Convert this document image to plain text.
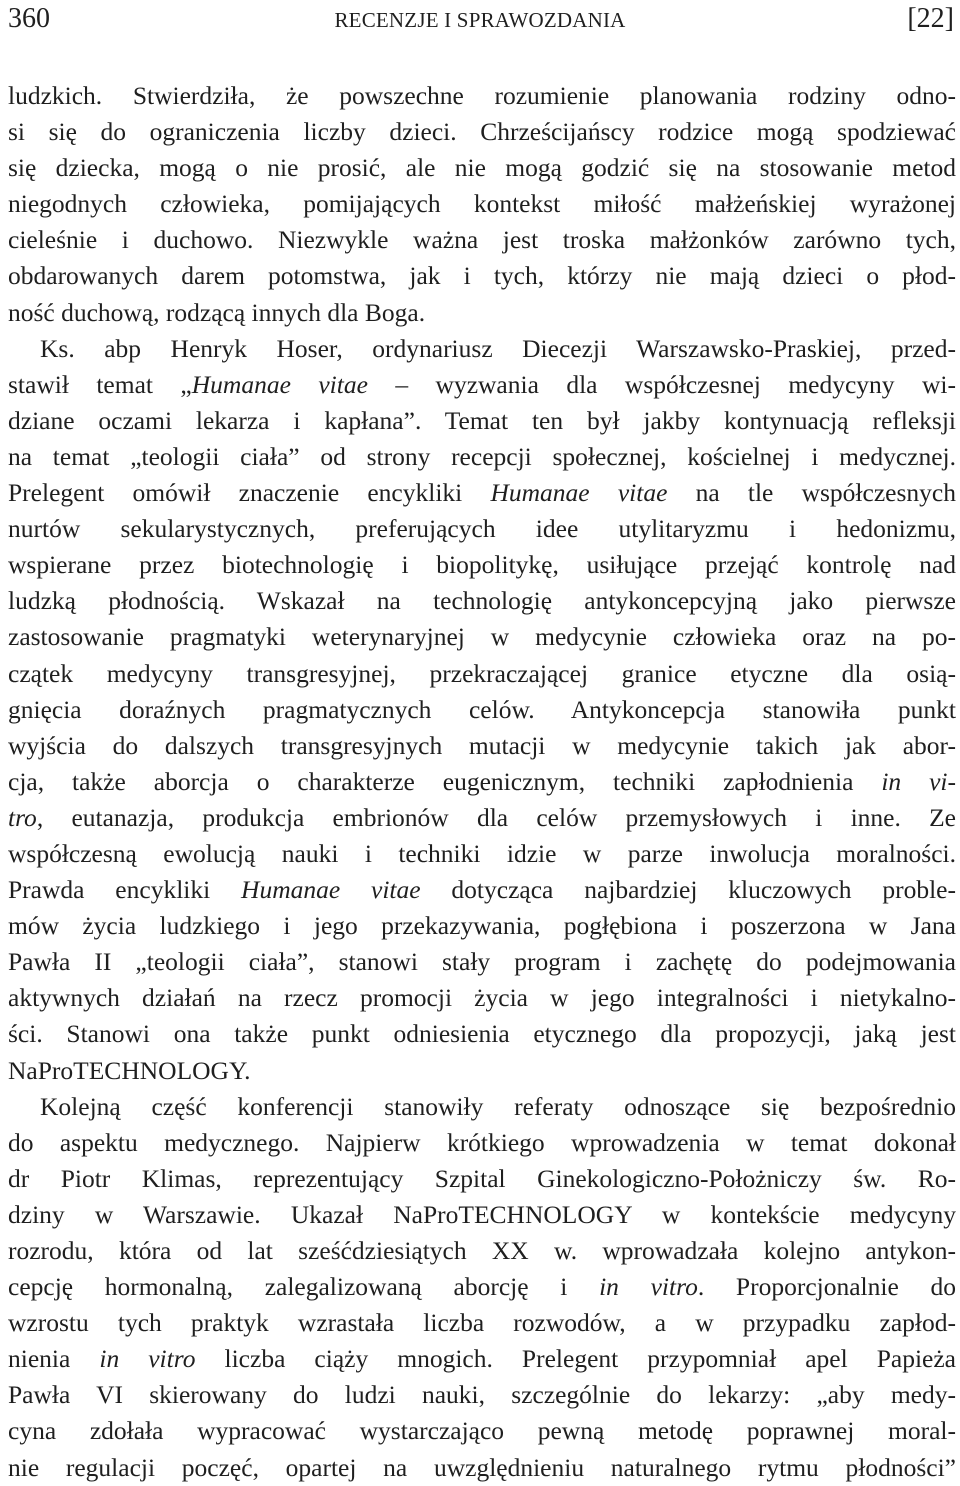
360	RECENZJE I SPRAWOZDANIA	[22]
ludzkich. Stwierdziła, że powszechne rozumienie planowania rodziny odno-
si się do ograniczenia liczby dzieci. Chrześcijańscy rodzice mogą spodziewać
się dziecka, mogą o nie prosić, ale nie mogą godzić się na stosowanie metod
niegodnych człowieka, pomijających kontekst miłość małżeńskiej wyrażonej
cieleśnie i duchowo. Niezwykle ważna jest troska małżonków zarówno tych,
obdarowanych darem potomstwa, jak i tych, którzy nie mają dzieci o płod-
ność duchową, rodzącą innych dla Boga.
Ks. abp Henryk Hoser, ordynariusz Diecezji Warszawsko-Praskiej, przed-
stawił temat „Humanae vitae – wyzwania dla współczesnej medycyny wi-
dziane oczami lekarza i kapłana”. Temat ten był jakby kontynuacją refleksji
na temat „teologii ciała” od strony recepcji społecznej, kościelnej i medycznej.
Prelegent omówił znaczenie encykliki Humanae vitae na tle współczesnych
nurtów sekularystycznych, preferujących idee utylitaryzmu i hedonizmu,
wspierane przez biotechnologię i biopolitykę, usiłujące przejąć kontrolę nad
ludzką płodnością. Wskazał na technologię antykoncepcyjną jako pierwsze
zastosowanie pragmatyki weterynaryjnej w medycynie człowieka oraz na po-
czątek medycyny transgresyjnej, przekraczającej granice etyczne dla osią-
gnięcia doraźnych pragmatycznych celów. Antykoncepcja stanowiła punkt
wyjścia do dalszych transgresyjnych mutacji w medycynie takich jak abor-
cja, także aborcja o charakterze eugenicznym, techniki zapłodnienia in vi-
tro, eutanazja, produkcja embrionów dla celów przemysłowych i inne. Ze
współczesną ewolucją nauki i techniki idzie w parze inwolucja moralności.
Prawda encykliki Humanae vitae dotycząca najbardziej kluczowych proble-
mów życia ludzkiego i jego przekazywania, pogłębiona i poszerzona w Jana
Pawła II „teologii ciała”, stanowi stały program i zachętę do podejmowania
aktywnych działań na rzecz promocji życia w jego integralności i nietykalno-
ści. Stanowi ona także punkt odniesienia etycznego dla propozycji, jaką jest
NaProTECHNOLOGY.
Kolejną część konferencji stanowiły referaty odnoszące się bezpośrednio
do aspektu medycznego. Najpierw krótkiego wprowadzenia w temat dokonał
dr Piotr Klimas, reprezentujący Szpital Ginekologiczno-Położniczy św. Ro-
dziny w Warszawie. Ukazał NaProTECHNOLOGY w kontekście medycyny
rozrodu, która od lat sześćdziesiątych XX w. wprowadzała kolejno antykon-
cepcję hormonalną, zalegalizowaną aborcję i in vitro. Proporcjonalnie do
wzrostu tych praktyk wzrastała liczba rozwodów, a w przypadku zapłod-
nienia in vitro liczba ciąży mnogich. Prelegent przypomniał apel Papieża
Pawła VI skierowany do ludzi nauki, szczególnie do lekarzy: „aby medy-
cyna zdołała wypracować wystarczająco pewną metodę poprawnej moral-
nie regulacji poczęć, opartej na uwzględnieniu naturalnego rytmu płodności”
